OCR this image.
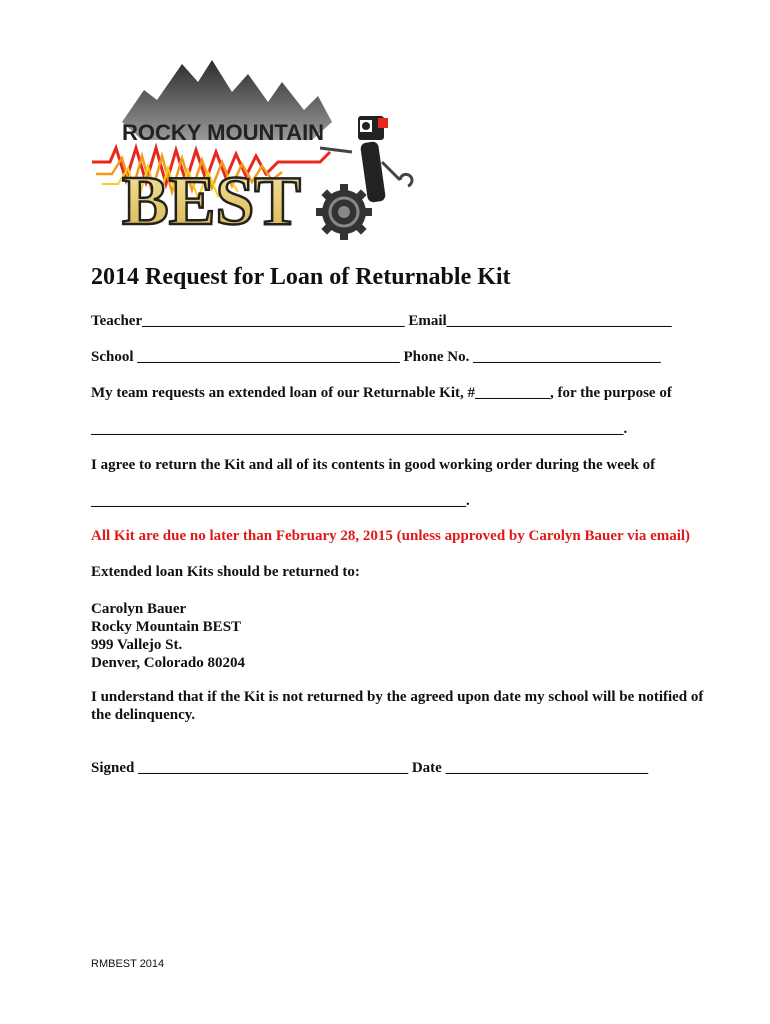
ROCKY MOUNTAIN
BEST
2014 Request for Loan of Returnable Kit
Teacher___________________________________ Email______________________________
School ___________________________________ Phone No. _________________________
My team requests an extended loan of our Returnable Kit, #__________, for the purpose of
_______________________________________________________________________.
I agree to return the Kit and all of its contents in good working order during the week of
__________________________________________________.
All Kit are due no later than February 28, 2015 (unless approved by Carolyn Bauer via email)
Extended loan Kits should be returned to:
Carolyn Bauer
Rocky Mountain BEST
999 Vallejo St.
Denver, Colorado 80204
I understand that if the Kit is not returned by the agreed upon date my school will be notified of
the delinquency.
Signed ____________________________________ Date ___________________________
RMBEST 2014
